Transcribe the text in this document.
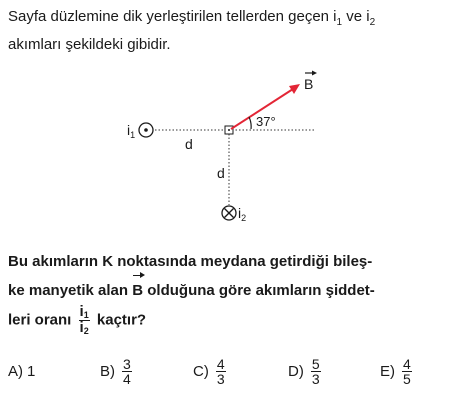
Sayfa düzlemine dik yerleştirilen tellerden geçen $i_1$ ve $i_2$
akımları şekildeki gibidir.
$i_1$
$i_2$
d
d
B
37°
Bu akımların K noktasında meydana getirdiği bileş-
ke manyetik alan B olduğuna göre akımların şiddet-
leri oranı $\frac{i_1}{i_2}$ kaçtır?
A) 1	$B) \frac{3}{4}$	$C) \frac{4}{3}$	$D) \frac{5}{3}$	$E) \frac{4}{5}$
